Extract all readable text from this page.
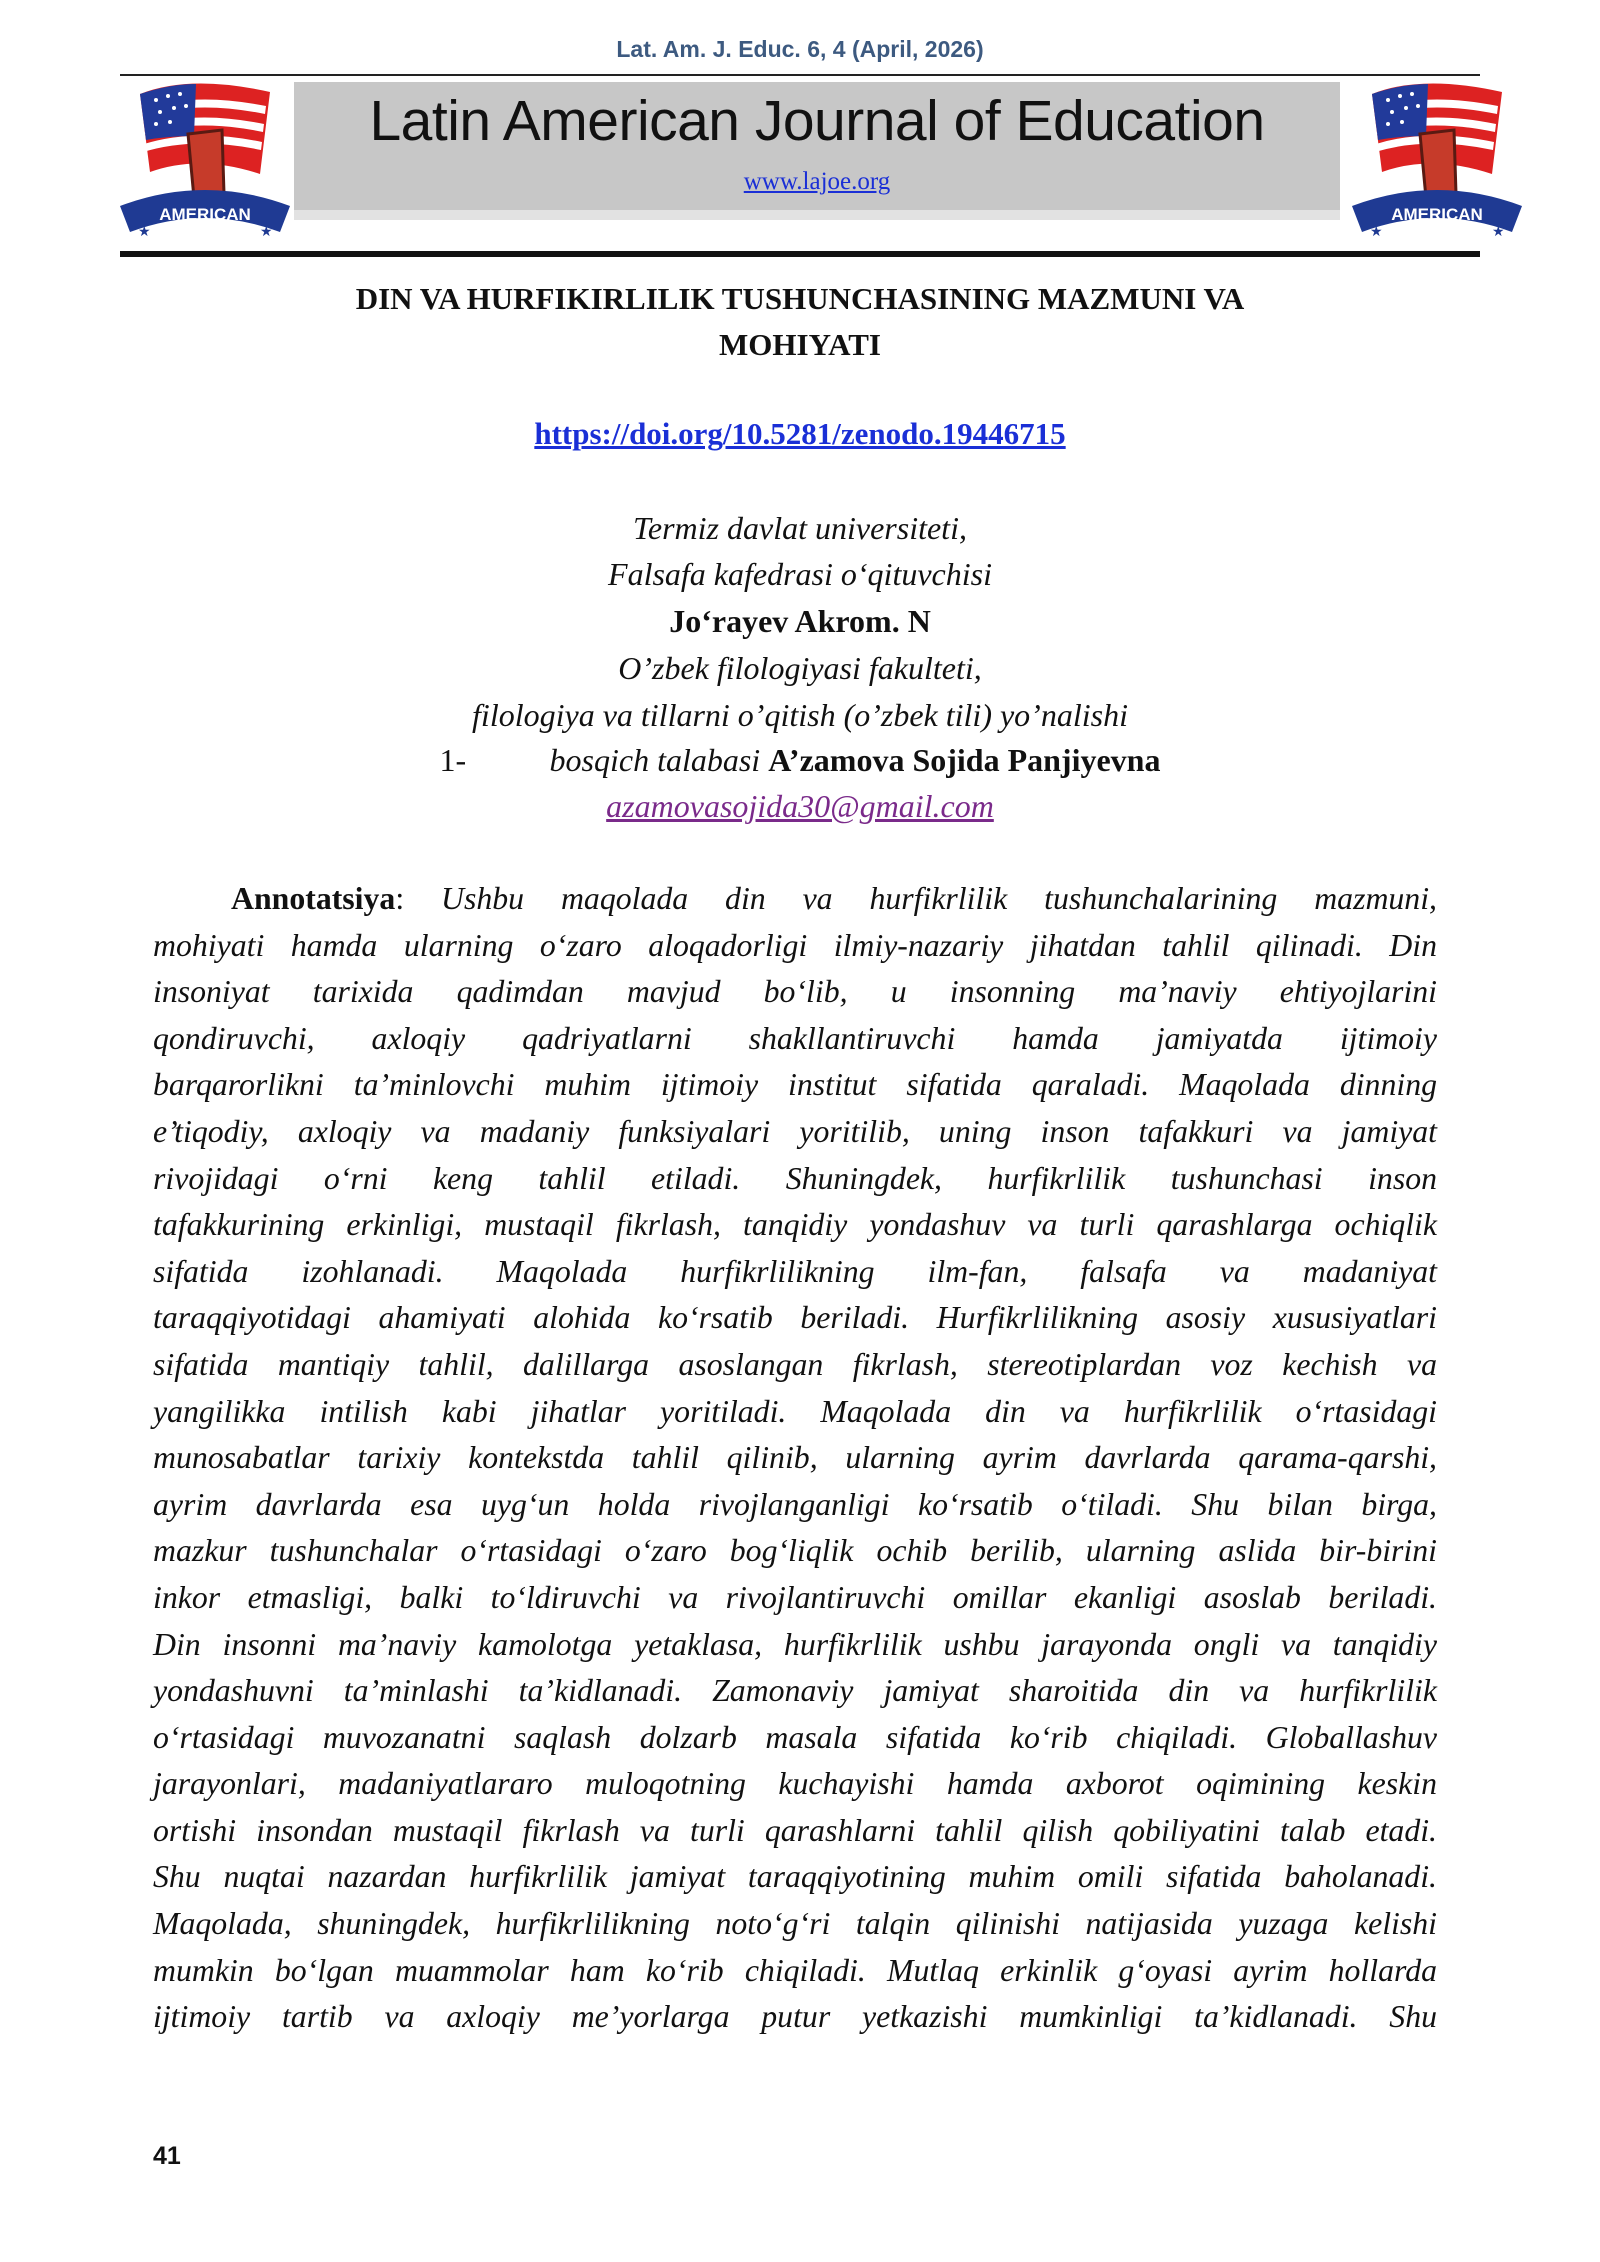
Lat. Am. J. Educ. 6, 4 (April, 2026)
AMERICAN
★	★
Latin American Journal of Education
www.lajoe.org
AMERICAN
★	★
DIN VA HURFIKIRLILIK TUSHUNCHASINING MAZMUNI VA
MOHIYATI
https://doi.org/10.5281/zenodo.19446715
Termiz davlat universiteti,
Falsafa kafedrasi o‘qituvchisi
Jo‘rayev Akrom. N
O’zbek filologiyasi fakulteti,
filologiya va tillarni o’qitish (o’zbek tili) yo’nalishi
1-	bosqich talabasi A’zamova Sojida Panjiyevna
azamovasojida30@gmail.com
Annotatsiya: Ushbu maqolada din va hurfikrlilik tushunchalarining mazmuni,
mohiyati hamda ularning o‘zaro aloqadorligi ilmiy-nazariy jihatdan tahlil qilinadi. Din
insoniyat tarixida qadimdan mavjud bo‘lib, u insonning ma’naviy ehtiyojlarini
qondiruvchi, axloqiy qadriyatlarni shakllantiruvchi hamda jamiyatda ijtimoiy
barqarorlikni ta’minlovchi muhim ijtimoiy institut sifatida qaraladi. Maqolada dinning
e’tiqodiy, axloqiy va madaniy funksiyalari yoritilib, uning inson tafakkuri va jamiyat
rivojidagi o‘rni keng tahlil etiladi. Shuningdek, hurfikrlilik tushunchasi inson
tafakkurining erkinligi, mustaqil fikrlash, tanqidiy yondashuv va turli qarashlarga ochiqlik
sifatida izohlanadi. Maqolada hurfikrlilikning ilm-fan, falsafa va madaniyat
taraqqiyotidagi ahamiyati alohida ko‘rsatib beriladi. Hurfikrlilikning asosiy xususiyatlari
sifatida mantiqiy tahlil, dalillarga asoslangan fikrlash, stereotiplardan voz kechish va
yangilikka intilish kabi jihatlar yoritiladi. Maqolada din va hurfikrlilik o‘rtasidagi
munosabatlar tarixiy kontekstda tahlil qilinib, ularning ayrim davrlarda qarama-qarshi,
ayrim davrlarda esa uyg‘un holda rivojlanganligi ko‘rsatib o‘tiladi. Shu bilan birga,
mazkur tushunchalar o‘rtasidagi o‘zaro bog‘liqlik ochib berilib, ularning aslida bir-birini
inkor etmasligi, balki to‘ldiruvchi va rivojlantiruvchi omillar ekanligi asoslab beriladi.
Din insonni ma’naviy kamolotga yetaklasa, hurfikrlilik ushbu jarayonda ongli va tanqidiy
yondashuvni ta’minlashi ta’kidlanadi. Zamonaviy jamiyat sharoitida din va hurfikrlilik
o‘rtasidagi muvozanatni saqlash dolzarb masala sifatida ko‘rib chiqiladi. Globallashuv
jarayonlari, madaniyatlararo muloqotning kuchayishi hamda axborot oqimining keskin
ortishi insondan mustaqil fikrlash va turli qarashlarni tahlil qilish qobiliyatini talab etadi.
Shu nuqtai nazardan hurfikrlilik jamiyat taraqqiyotining muhim omili sifatida baholanadi.
Maqolada, shuningdek, hurfikrlilikning noto‘g‘ri talqin qilinishi natijasida yuzaga kelishi
mumkin bo‘lgan muammolar ham ko‘rib chiqiladi. Mutlaq erkinlik g‘oyasi ayrim hollarda
ijtimoiy tartib va axloqiy me’yorlarga putur yetkazishi mumkinligi ta’kidlanadi. Shu
41
